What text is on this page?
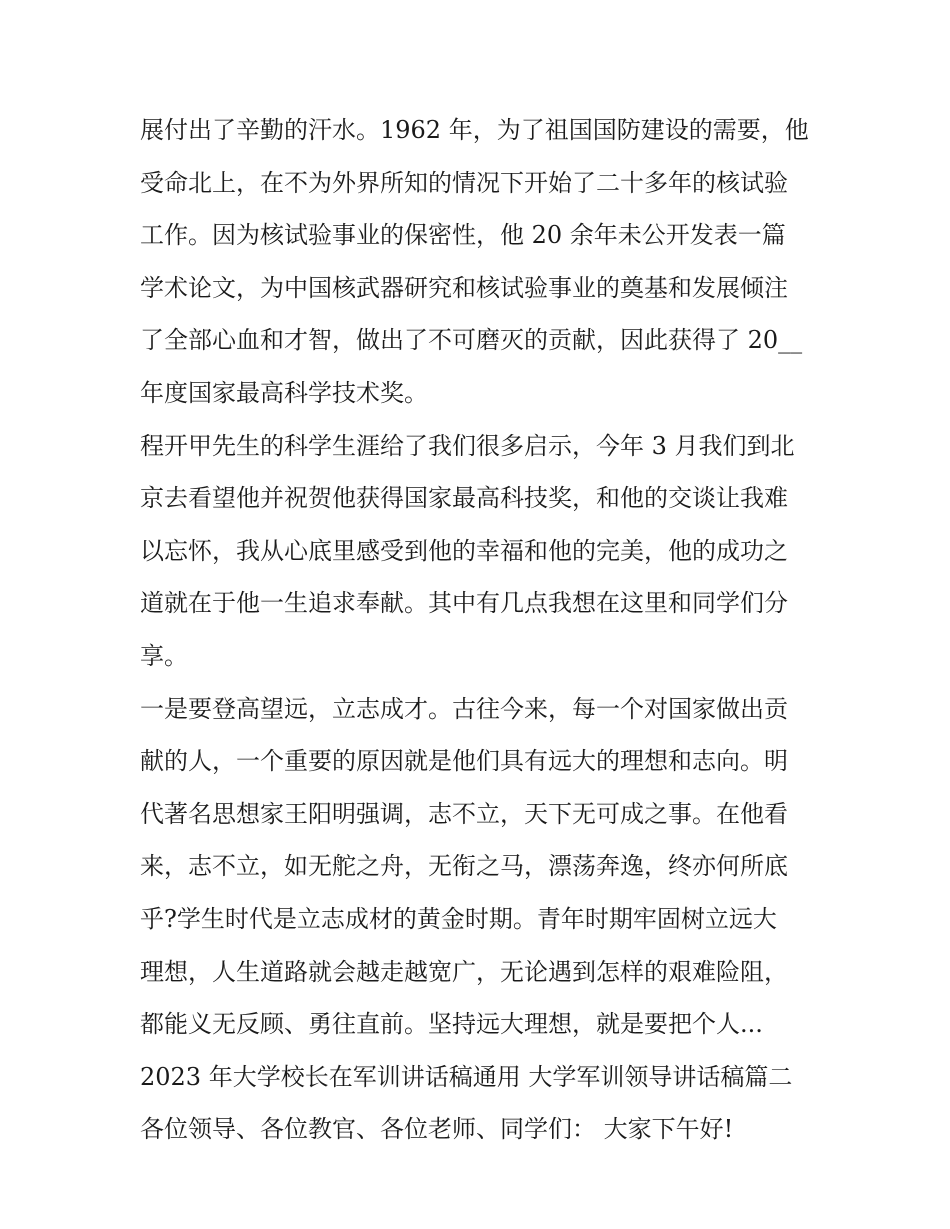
展付出了辛勤的汗水。1962 年，为了祖国国防建设的需要，他
受命北上，在不为外界所知的情况下开始了二十多年的核试验
工作。因为核试验事业的保密性，他 20 余年未公开发表一篇
学术论文，为中国核武器研究和核试验事业的奠基和发展倾注
了全部心血和才智，做出了不可磨灭的贡献，因此获得了 20__
年度国家最高科学技术奖。
程开甲先生的科学生涯给了我们很多启示，今年 3 月我们到北
京去看望他并祝贺他获得国家最高科技奖，和他的交谈让我难
以忘怀，我从心底里感受到他的幸福和他的完美，他的成功之
道就在于他一生追求奉献。其中有几点我想在这里和同学们分
享。
一是要登高望远，立志成才。古往今来，每一个对国家做出贡
献的人，一个重要的原因就是他们具有远大的理想和志向。明
代著名思想家王阳明强调，志不立，天下无可成之事。在他看
来，志不立，如无舵之舟，无衔之马，漂荡奔逸，终亦何所底
乎?学生时代是立志成材的黄金时期。青年时期牢固树立远大
理想，人生道路就会越走越宽广，无论遇到怎样的艰难险阻，
都能义无反顾、勇往直前。坚持远大理想，就是要把个人...
2023 年大学校长在军训讲话稿通用 大学军训领导讲话稿篇二
各位领导、各位教官、各位老师、同学们： 大家下午好!
